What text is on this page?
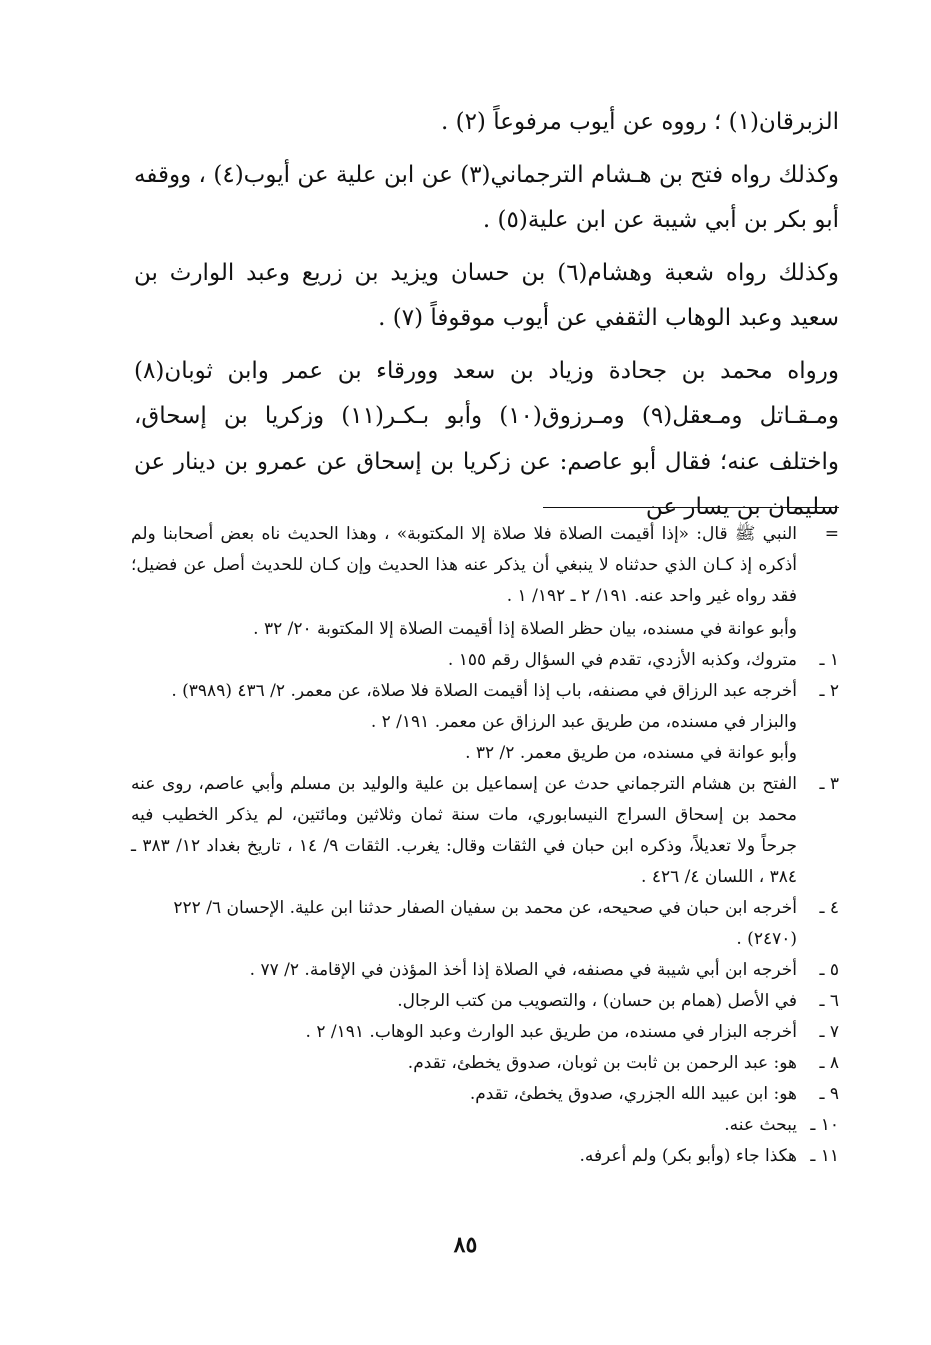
الزبرقان(١) ؛ رووه عن أيوب مرفوعاً (٢) .

وكذلك رواه فتح بن هـشام الترجماني(٣) عن ابن علية عن أيوب(٤) ، ووقفه أبو بكر بن أبي شيبة عن ابن علية(٥) .

وكذلك رواه شعبة وهشام(٦) بن حسان ويزيد بن زريع وعبد الوارث بن سعيد وعبد الوهاب الثقفي عن أيوب موقوفاً (٧) .

ورواه محمد بن جحادة وزياد بن سعد وورقاء بن عمر وابن ثوبان(٨) ومـقـاتل ومـعقل(٩) ومـرزوق(١٠) وأبو بـكـر(١١) وزكريا بن إسحاق، واختلف عنه؛ فقال أبو عاصم: عن زكريا بن إسحاق عن عمرو بن دينار عن سليمان بن يسار عن

=
النبي ﷺ قال: «إذا أقيمت الصلاة فلا صلاة إلا المكتوبة» ، وهذا الحديث ناه بعض أصحابنا ولم أذكره إذ كـان الذي حدثناه لا ينبغي أن يذكر عنه هذا الحديث وإن كـان للحديث أصل عن فضيل؛ فقد رواه غير واحد عنه. ١٩١/ ٢ ـ ١٩٢/ ١ .
وأبو عوانة في مسنده، بيان حظر الصلاة إذا أقيمت الصلاة إلا المكتوبة ٢٠/ ٣٢ .
١ ـ
متروك، وكذبه الأزدي، تقدم في السؤال رقم ١٥٥ .
٢ ـ
أخرجه عبد الرزاق في مصنفه، باب إذا أقيمت الصلاة فلا صلاة، عن معمر. ٢/ ٤٣٦ (٣٩٨٩) .
والبزار في مسنده، من طريق عبد الرزاق عن معمر. ١٩١/ ٢ .
وأبو عوانة في مسنده، من طريق معمر. ٢/ ٣٢ .
٣ ـ
الفتح بن هشام الترجماني حدث عن إسماعيل بن علية والوليد بن مسلم وأبي عاصم، روى عنه محمد بن إسحاق السراج النيسابوري، مات سنة ثمان وثلاثين ومائتين، لم يذكر الخطيب فيه جرحاً ولا تعديلاً، وذكره ابن حبان في الثقات وقال: يغرب. الثقات ٩/ ١٤ ، تاريخ بغداد ١٢/ ٣٨٣ ـ ٣٨٤ ، اللسان ٤/ ٤٢٦ .
٤ ـ
أخرجه ابن حبان في صحيحه، عن محمد بن سفيان الصفار حدثنا ابن علية. الإحسان ٦/ ٢٢٢ (٢٤٧٠) .
٥ ـ
أخرجه ابن أبي شيبة في مصنفه، في الصلاة إذا أخذ المؤذن في الإقامة. ٢/ ٧٧ .
٦ ـ
في الأصل (همام بن حسان) ، والتصويب من كتب الرجال.
٧ ـ
أخرجه البزار في مسنده، من طريق عبد الوارث وعبد الوهاب. ١٩١/ ٢ .
٨ ـ
هو: عبد الرحمن بن ثابت بن ثوبان، صدوق يخطئ، تقدم.
٩ ـ
هو: ابن عبيد الله الجزري، صدوق يخطئ، تقدم.
١٠ ـ
يبحث عنه.
١١ ـ
هكذا جاء (وأبو بكر) ولم أعرفه.
٨٥
